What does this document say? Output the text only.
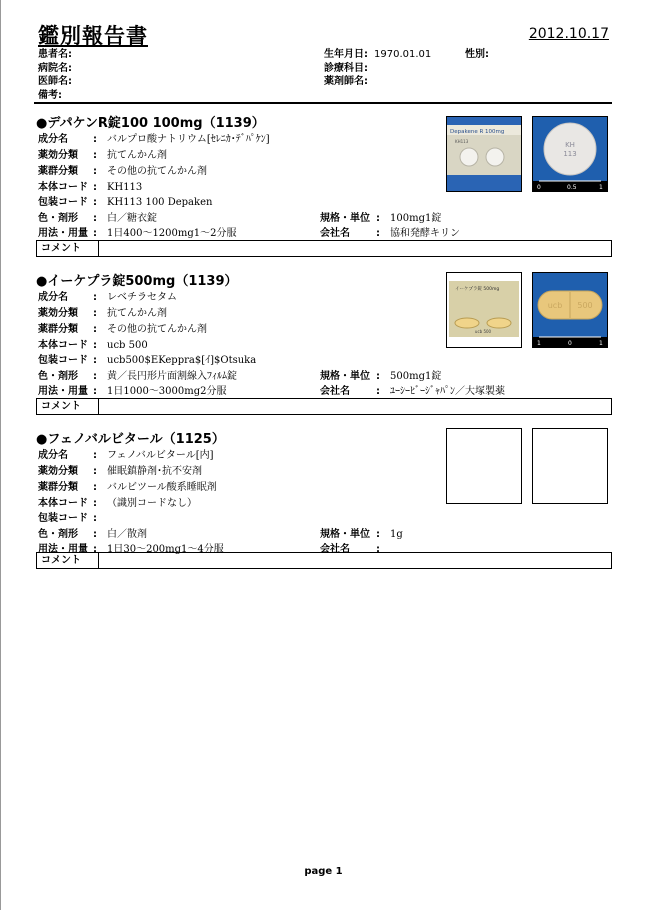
鑑別報告書	2012.10.17
患者名:	生年月日: 1970.01.01	性別:
病院名:	診療科目:
医師名:	薬剤師名:
備考:
●デパケンR錠100 100mg（1139）
成分名	: バルプロ酸ナトリウム[ｾﾚﾆｶ･ﾃﾞﾊﾟｹﾝ]
薬効分類 : 抗てんかん剤
薬群分類 : その他の抗てんかん剤
本体コード : KH113
包装コード : KH113 100 Depaken
色・剤形 : 白／糖衣錠	規格・単位 : 100mg1錠
用法・用量 : 1日400～1200mg1～2分服	会社名	: 協和発酵キリン
コメント
Depakene R 100mg
KH113	KH
113
0	0.5	1
●イーケプラ錠500mg（1139）
成分名	: レベチラセタム
薬効分類 : 抗てんかん剤
薬群分類 : その他の抗てんかん剤
本体コード : ucb 500
包装コード : ucb500$EKeppra$[ｲ]$Otsuka
色・剤形 : 黄／長円形片面割線入ﾌｨﾙﾑ錠	規格・単位 : 500mg1錠
用法・用量 : 1日1000～3000mg2分服	会社名	: ﾕｰｼｰﾋﾞｰｼﾞｬﾊﾟﾝ／大塚製薬
コメント
イーケプラ錠 500mg
ucb 500
ucb 500
1	0	1
●フェノバルビタール（1125）
成分名	: フェノバルビタール[内]
薬効分類 : 催眠鎮静剤･抗不安剤
薬群分類 : バルビツール酸系睡眠剤
本体コード : （識別コードなし）
包装コード :
色・剤形 : 白／散剤	規格・単位 : 1g
用法・用量 : 1日30～200mg1～4分服	会社名	:
コメント
page 1
